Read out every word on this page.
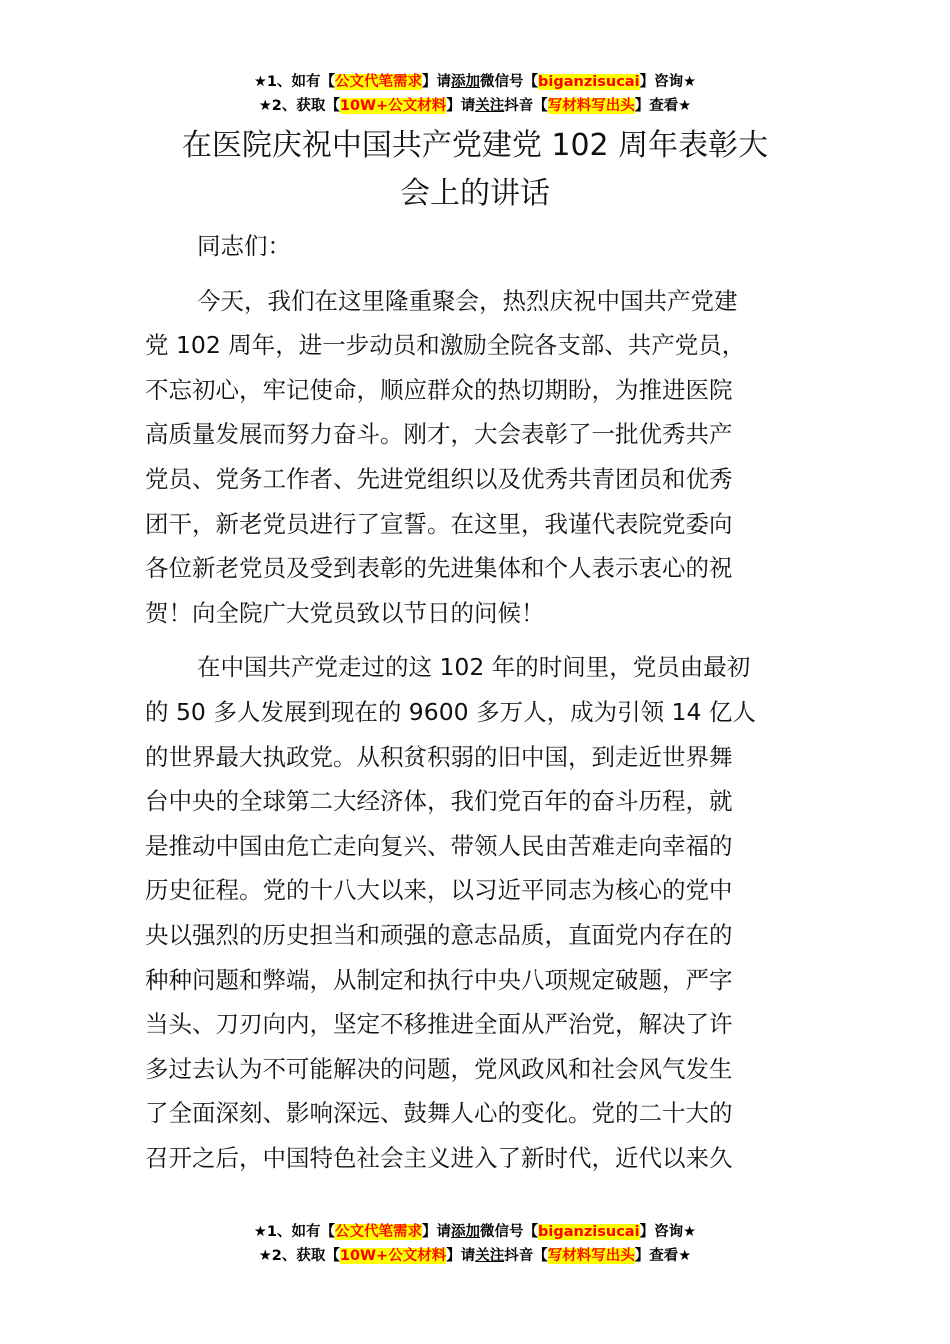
★1、如有【公文代笔需求】请添加微信号【biganzisucai】咨询★
★2、获取【10W+公文材料】请关注抖音【写材料写出头】查看★
在医院庆祝中国共产党建党 102 周年表彰大
会上的讲话
同志们：
今天，我们在这里隆重聚会，热烈庆祝中国共产党建
党 102 周年，进一步动员和激励全院各支部、共产党员，
不忘初心，牢记使命，顺应群众的热切期盼，为推进医院
高质量发展而努力奋斗。刚才，大会表彰了一批优秀共产
党员、党务工作者、先进党组织以及优秀共青团员和优秀
团干，新老党员进行了宣誓。在这里，我谨代表院党委向
各位新老党员及受到表彰的先进集体和个人表示衷心的祝
贺！向全院广大党员致以节日的问候！
在中国共产党走过的这 102 年的时间里，党员由最初
的 50 多人发展到现在的 9600 多万人，成为引领 14 亿人
的世界最大执政党。从积贫积弱的旧中国，到走近世界舞
台中央的全球第二大经济体，我们党百年的奋斗历程，就
是推动中国由危亡走向复兴、带领人民由苦难走向幸福的
历史征程。党的十八大以来，以习近平同志为核心的党中
央以强烈的历史担当和顽强的意志品质，直面党内存在的
种种问题和弊端，从制定和执行中央八项规定破题，严字
当头、刀刃向内，坚定不移推进全面从严治党，解决了许
多过去认为不可能解决的问题，党风政风和社会风气发生
了全面深刻、影响深远、鼓舞人心的变化。党的二十大的
召开之后，中国特色社会主义进入了新时代，近代以来久
★1、如有【公文代笔需求】请添加微信号【biganzisucai】咨询★
★2、获取【10W+公文材料】请关注抖音【写材料写出头】查看★
